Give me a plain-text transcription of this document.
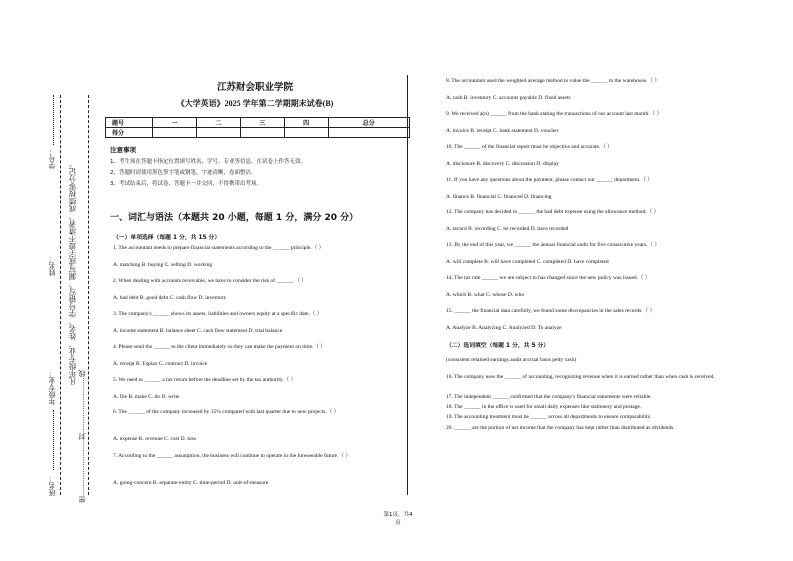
学号：
姓名：
年级专业：
凡年级专业、姓名、学号错写、漏写或字迹不清者，成绩按零分记。
密……………………封……………………线
班名：
江苏财会职业学院
《大学英语》2025 学年第二学期期末试卷(B)
题号	一	二	三	四	总分
得分					
注意事项
1、考生须在答题卡指定位置填写姓名、学号、专业等信息，在试卷上作答无效。
2、答题时请使用黑色签字笔或钢笔，字迹清晰，卷面整洁。
3、考试结束后，将试卷、答题卡一并交回，不得携带出考场。
一、词汇与语法（本题共 20 小题，每题 1 分，满分 20 分）
（一）单项选择（每题 1 分，共 15 分）
1. The accountant needs to prepare financial statements according to the ______ principle.（ ）
A. matching B. buying C. selling D. working
2. When dealing with accounts receivable, we have to consider the risk of ______.（ ）
A. bad debt B. good debt C. cash flow D. inventory
3. The company's ______ shows its assets, liabilities and owners equity at a specific date.（ ）
A. income statement B. balance sheet C. cash flow statement D. trial balance
4. Please send the ______ to the client immediately so they can make the payment on time.（ ）
A. receipt B. Fapiao C. contract D. invoice
5. We need to ______ a tax return before the deadline set by the tax authority.（ ）
A. file B. make C. do D. write
6. The ______ of the company increased by 15% compared with last quarter due to new projects.（ ）
A. expense B. revenue C. cost D. loss
7. According to the ______ assumption, the business will continue to operate in the foreseeable future.（ ）
A. going-concern B. separate-entity C. time-period D. unit-of-measure
8. The accountant used the weighted average method to value the ______ in the warehouse.（ ）
A. cash B. inventory C. accounts payable D. fixed assets
9. We received a(n) ______ from the bank stating the transactions of our account last month.（ ）
A. invoice B. receipt C. bank statement D. voucher
10. The ______ of the financial report must be objective and accurate.（ ）
A. disclosure B. discovery C. discussion D. display
11. If you have any questions about the payment, please contact our ______ department.（ ）
A. finance B. financial C. financed D. financing
12. The company has decided to ______ the bad debt expense using the allowance method.（ ）
A. record B. recording C. be recorded D. have recorded
13. By the end of this year, we ______ the annual financial audit for five consecutive years.（ ）
A. will complete B. will have completed C. completed D. have completed
14. The tax rate ______ we are subject to has changed since the new policy was issued.（ ）
A. which B. what C. whose D. who
15. ______ the financial data carefully, we found some discrepancies in the sales records.（ ）
A. Analyze B. Analyzing C. Analyzed D. To analyze
（二）选词填空（每题 1 分，共 5 分）
(consistent retained earnings audit accrual basis petty cash)
16. The company uses the ______ of accounting, recognizing revenue when it is earned rather than when cash is received.
17. The independent ______ confirmed that the company's financial statements were reliable.
18. The ______ in the office is used for small daily expenses like stationery and postage.
19. The accounting treatment must be ______ across all departments to ensure comparability.
20. ______ are the portion of net income that the company has kept rather than distributed as dividends.
第1页，共4页
